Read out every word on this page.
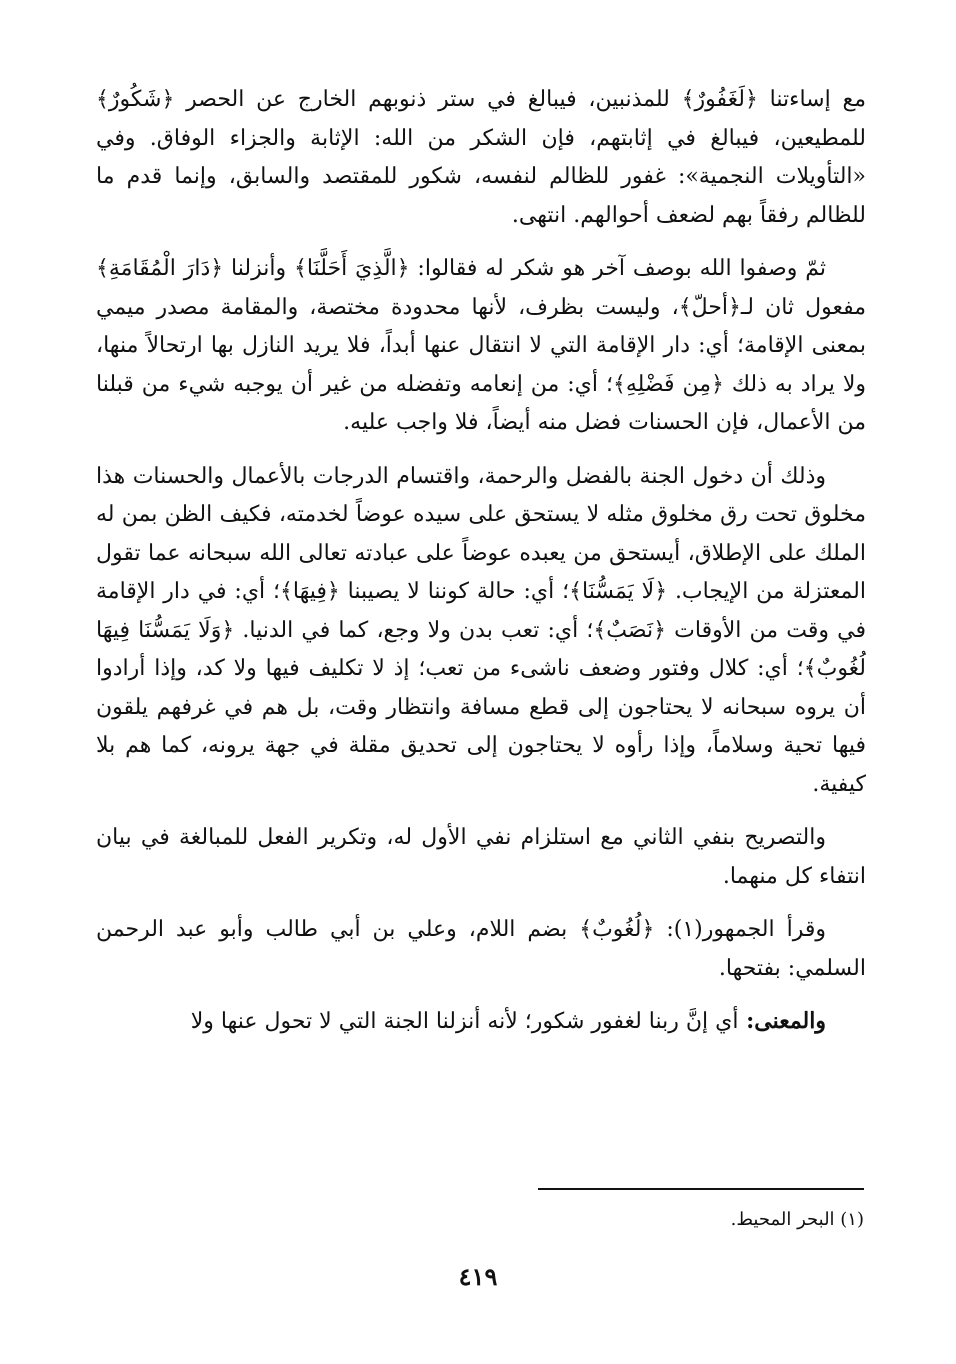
مع إساءتنا ﴿لَغَفُورٌ﴾ للمذنبين، فيبالغ في ستر ذنوبهم الخارج عن الحصر ﴿شَكُورٌ﴾ للمطيعين، فيبالغ في إثابتهم، فإن الشكر من الله: الإثابة والجزاء الوفاق. وفي «التأويلات النجمية»: غفور للظالم لنفسه، شكور للمقتصد والسابق، وإنما قدم ما للظالم رفقاً بهم لضعف أحوالهم. انتهى.

ثمّ وصفوا الله بوصف آخر هو شكر له فقالوا: ﴿الَّذِيَ أَحَلَّنَا﴾ وأنزلنا ﴿دَارَ الْمُقَامَةِ﴾ مفعول ثان لـ﴿أحلّ﴾، وليست بظرف، لأنها محدودة مختصة، والمقامة مصدر ميمي بمعنى الإقامة؛ أي: دار الإقامة التي لا انتقال عنها أبداً، فلا يريد النازل بها ارتحالاً منها، ولا يراد به ذلك ﴿مِن فَضْلِهِ﴾؛ أي: من إنعامه وتفضله من غير أن يوجبه شيء من قبلنا من الأعمال، فإن الحسنات فضل منه أيضاً، فلا واجب عليه.

وذلك أن دخول الجنة بالفضل والرحمة، واقتسام الدرجات بالأعمال والحسنات هذا مخلوق تحت رق مخلوق مثله لا يستحق على سيده عوضاً لخدمته، فكيف الظن بمن له الملك على الإطلاق، أيستحق من يعبده عوضاً على عبادته تعالى الله سبحانه عما تقول المعتزلة من الإيجاب. ﴿لَا يَمَسُّنَا﴾؛ أي: حالة كوننا لا يصيبنا ﴿فِيهَا﴾؛ أي: في دار الإقامة في وقت من الأوقات ﴿نَصَبٌ﴾؛ أي: تعب بدن ولا وجع، كما في الدنيا. ﴿وَلَا يَمَسُّنَا فِيهَا لُغُوبٌ﴾؛ أي: كلال وفتور وضعف ناشىء من تعب؛ إذ لا تكليف فيها ولا كد، وإذا أرادوا أن يروه سبحانه لا يحتاجون إلى قطع مسافة وانتظار وقت، بل هم في غرفهم يلقون فيها تحية وسلاماً، وإذا رأوه لا يحتاجون إلى تحديق مقلة في جهة يرونه، كما هم بلا كيفية.

والتصريح بنفي الثاني مع استلزام نفي الأول له، وتكرير الفعل للمبالغة في بيان انتفاء كل منهما.

وقرأ الجمهور(١): ﴿لُغُوبٌ﴾ بضم اللام، وعلي بن أبي طالب وأبو عبد الرحمن السلمي: بفتحها.

والمعنى: أي إنَّ ربنا لغفور شكور؛ لأنه أنزلنا الجنة التي لا تحول عنها ولا

(١) البحر المحيط.
٤١٩
